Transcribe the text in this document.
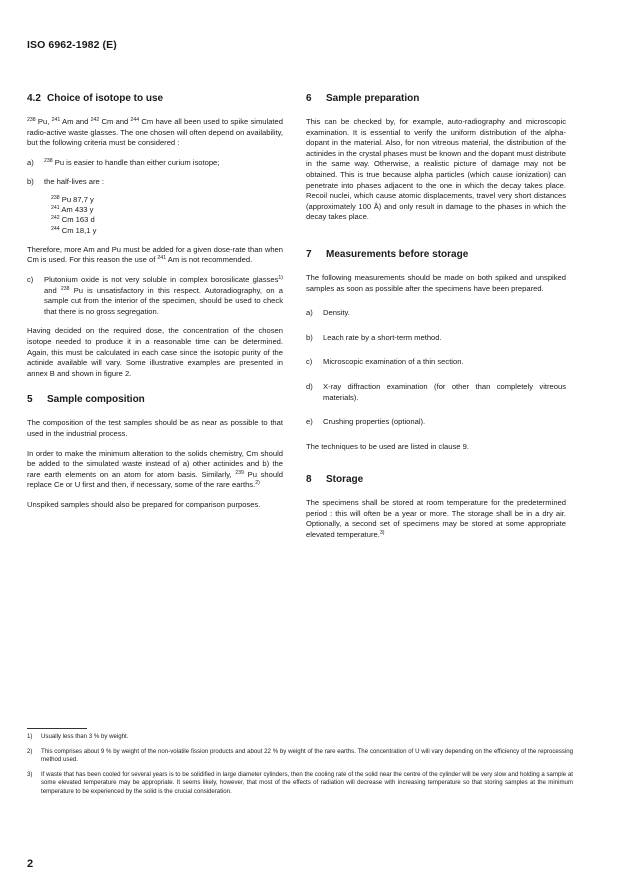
ISO 6962-1982 (E)
4.2 Choice of isotope to use

$^{238}$ Pu, $^{241}$ Am and $^{242}$ Cm and $^{244}$ Cm have all been used to spike simulated radio-active waste glasses. The one chosen will often depend on availability, but the following criteria must be considered :

a)	$^{238}$ Pu is easier to handle than either curium isotope;
b)	the half-lives are :
$^{238}$ Pu 87,7 y
$^{241}$ Am 433 y
$^{242}$ Cm 163 d
$^{244}$ Cm 18,1 y

Therefore, more Am and Pu must be added for a given dose-rate than when Cm is used. For this reason the use of $^{241}$ Am is not recommended.

c)	Plutonium oxide is not very soluble in complex borosilicate glasses$^{1)}$ and $^{238}$ Pu is unsatisfactory in this respect. Autoradiography, on a sample cut from the interior of the specimen, should be used to check that there is no gross segregation.

Having decided on the required dose, the concentration of the chosen isotope needed to produce it in a reasonable time can be determined. Again, this must be calculated in each case since the isotopic purity of the actinide available will vary. Some illustrative examples are presented in annex B and shown in figure 2.

5 Sample composition

The composition of the test samples should be as near as possible to that used in the industrial process.

In order to make the minimum alteration to the solids chemistry, Cm should be added to the simulated waste instead of a) other actinides and b) the rare earth elements on an atom for atom basis. Similarly, $^{239}$ Pu should replace Ce or U first and then, if necessary, some of the rare earths.$^{2)}$

Unspiked samples should also be prepared for comparison purposes.

6 Sample preparation

This can be checked by, for example, auto-radiography and microscopic examination. It is essential to verify the uniform distribution of the alpha-dopant in the material. Also, for non vitreous material, the distribution of the actinides in the crystal phases must be known and the dopant must distribute in the same way. Otherwise, a realistic picture of damage may not be obtained. This is true because alpha particles (which cause ionization) can penetrate into phases adjacent to the one in which the decay takes place. Recoil nuclei, which cause atomic displacements, travel very short distances (approximately 100 Å) and only result in damage to the phases in which the decay takes place.

7 Measurements before storage

The following measurements should be made on both spiked and unspiked samples as soon as possible after the specimens have been prepared.

a)	Density.
b)	Leach rate by a short-term method.
c)	Microscopic examination of a thin section.
d)	X-ray diffraction examination (for other than completely vitreous materials).
e)	Crushing properties (optional).

The techniques to be used are listed in clause 9.

8 Storage

The specimens shall be stored at room temperature for the predetermined period : this will often be a year or more. The storage shall be in a dry air. Optionally, a second set of specimens may be stored at some appropriate elevated temperature.$^{3)}$

1)	Usually less than 3 % by weight.
2)	This comprises about 9 % by weight of the non-volatile fission products and about 22 % by weight of the rare earths. The concentration of U will vary depending on the efficiency of the reprocessing method used.
3)	If waste that has been cooled for several years is to be solidified in large diameter cylinders, then the cooling rate of the solid near the centre of the cylinder will be very slow and holding a sample at some elevated temperature may be appropriate. It seems likely, however, that most of the effects of radiation will decrease with increasing temperature so that storing samples at the minimum temperature to be experienced by the solid is the crucial consideration.
2
